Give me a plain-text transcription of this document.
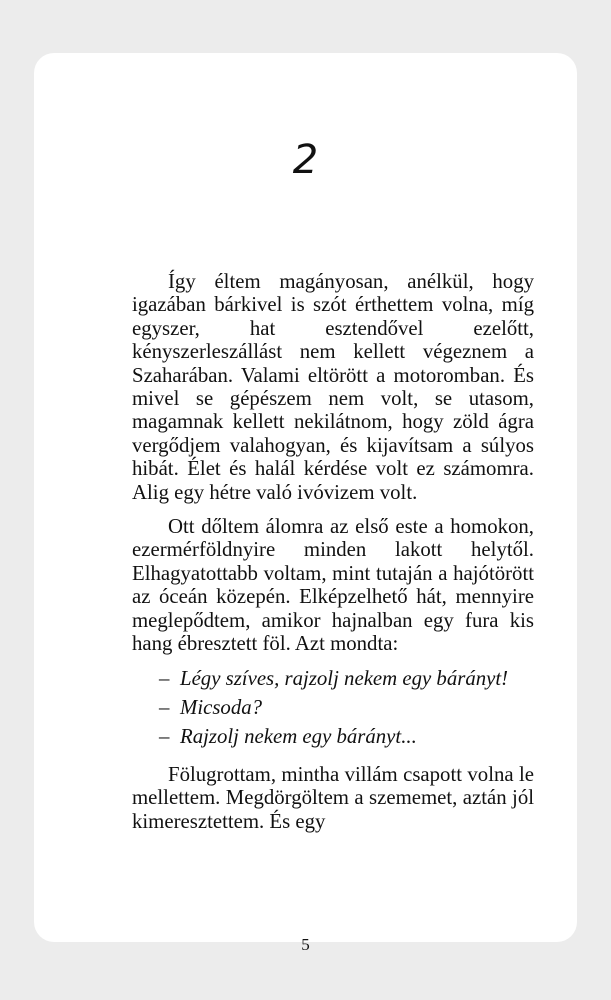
2

Így éltem magányosan, anélkül, hogy igazában bárkivel is szót érthettem volna, míg egyszer, hat esztendővel ezelőtt, kényszerleszállást nem kellett végeznem a Szaharában. Valami eltörött a motoromban. És mivel se gépészem nem volt, se utasom, magamnak kellett nekilátnom, hogy zöld ágra vergődjem valahogyan, és kijavítsam a súlyos hibát. Élet és halál kérdése volt ez számomra. Alig egy hétre való ivóvizem volt.

Ott dőltem álomra az első este a homokon, ezermérföldnyire minden lakott helytől. Elhagyatottabb voltam, mint tutaján a hajótörött az óceán közepén. Elképzelhető hát, mennyire meglepődtem, amikor hajnalban egy fura kis hang ébresztett föl. Azt mondta:

– Légy szíves, rajzolj nekem egy bárányt!

– Micsoda?

– Rajzolj nekem egy bárányt...

Fölugrottam, mintha villám csapott volna le mellettem. Megdörgöltem a szememet, aztán jól kimeresztettem. És egy

5
